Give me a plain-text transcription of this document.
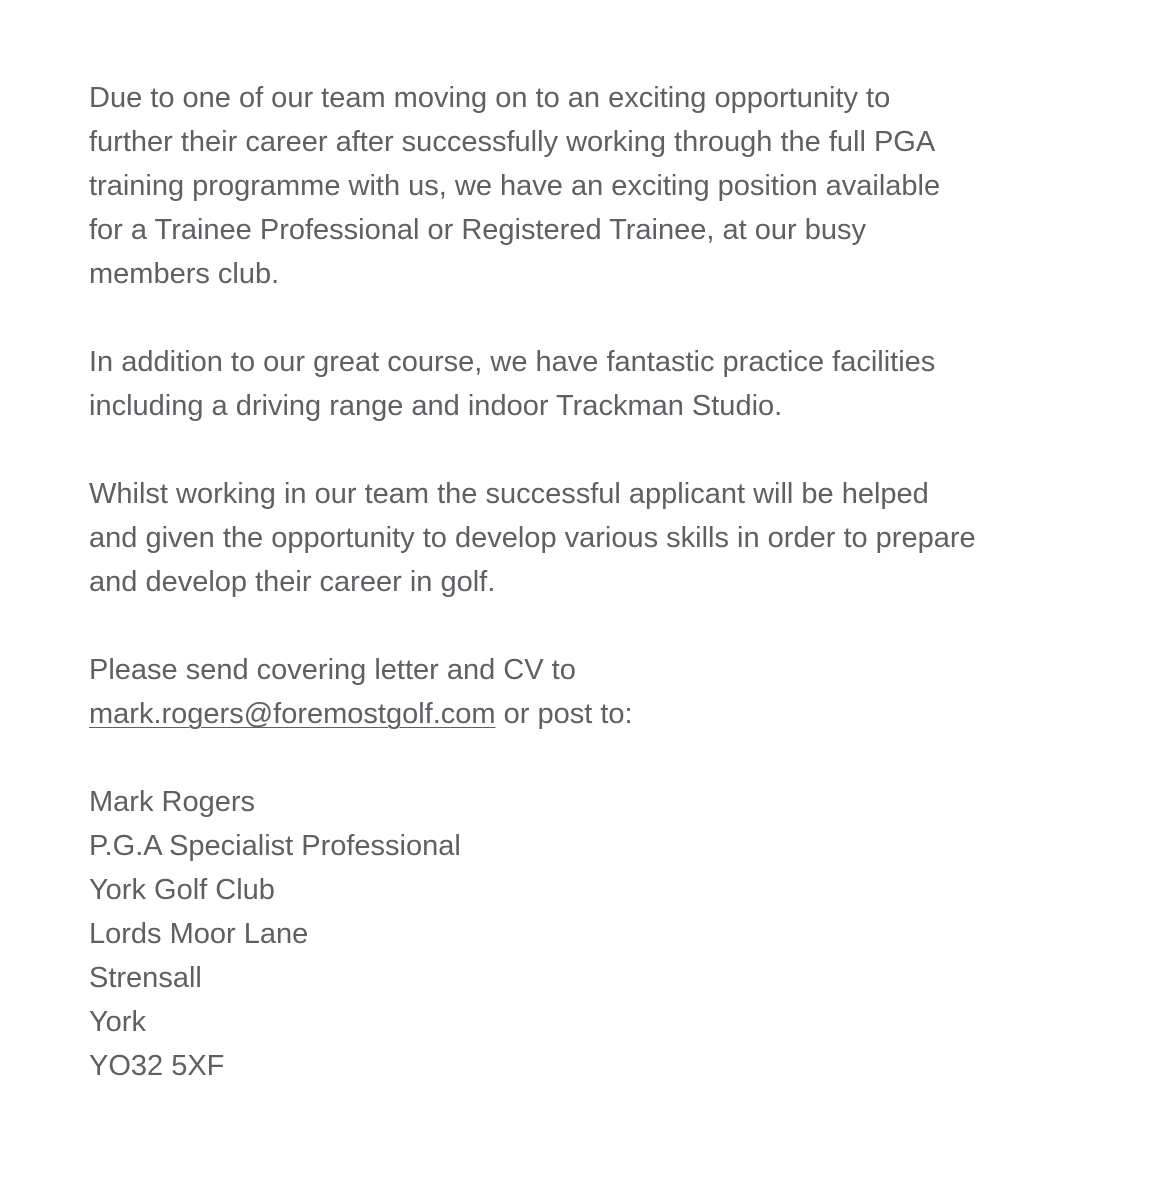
Due to one of our team moving on to an exciting opportunity to
further their career after successfully working through the full PGA
training programme with us, we have an exciting position available
for a Trainee Professional or Registered Trainee, at our busy
members club.

In addition to our great course, we have fantastic practice facilities
including a driving range and indoor Trackman Studio.

Whilst working in our team the successful applicant will be helped
and given the opportunity to develop various skills in order to prepare
and develop their career in golf.

Please send covering letter and CV to
mark.rogers@foremostgolf.com or post to:

Mark Rogers
P.G.A Specialist Professional
York Golf Club
Lords Moor Lane
Strensall
York
YO32 5XF
